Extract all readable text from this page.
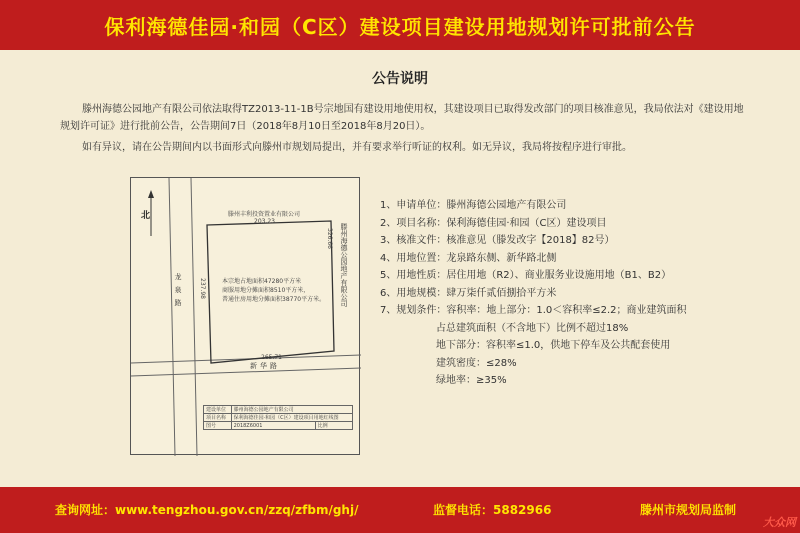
保利海德佳园·和园（C区）建设项目建设用地规划许可批前公告
公告说明
滕州海德公园地产有限公司依法取得TZ2013-11-1B号宗地国有建设用地使用权，其建设项目已取得发改部门的项目核准意见，我局依法对《建设用地规划许可证》进行批前公告，公告期间7日（2018年8月10日至2018年8月20日）。
如有异议，请在公告期间内以书面形式向滕州市规划局提出，并有要求举行听证的权利。如无异议，我局将按程序进行审批。
北	滕州丰利投资置业有限公司
203.23
滕州海德公园地产有限公司
326.66
237.98
龙泉路
新华路
265.71
本宗地占地面积47280平方米
商服用地分摊面积8510平方米，
普通住房用地分摊面积38770平方米。
建设单位	滕州海德公园地产有限公司	
项目名称	保利海德佳园·和园（C区）建设项目用地红线图	
图号	2018Z6001	比例
1、申请单位：滕州海德公园地产有限公司
2、项目名称：保利海德佳园·和园（C区）建设项目
3、核准文件：核准意见（滕发改字【2018】82号）
4、用地位置：龙泉路东侧、新华路北侧
5、用地性质：居住用地（R2）、商业服务业设施用地（B1、B2）
6、用地规模：肆万柒仟贰佰捌拾平方米
7、规划条件：容积率：地上部分：1.0＜容积率≤2.2；商业建筑面积
占总建筑面积（不含地下）比例不超过18%
地下部分：容积率≤1.0，供地下停车及公共配套使用
建筑密度：≤28%
绿地率：≥35%
查询网址：www.tengzhou.gov.cn/zzq/zfbm/ghj/	监督电话：5882966	滕州市规划局监制
大众网
